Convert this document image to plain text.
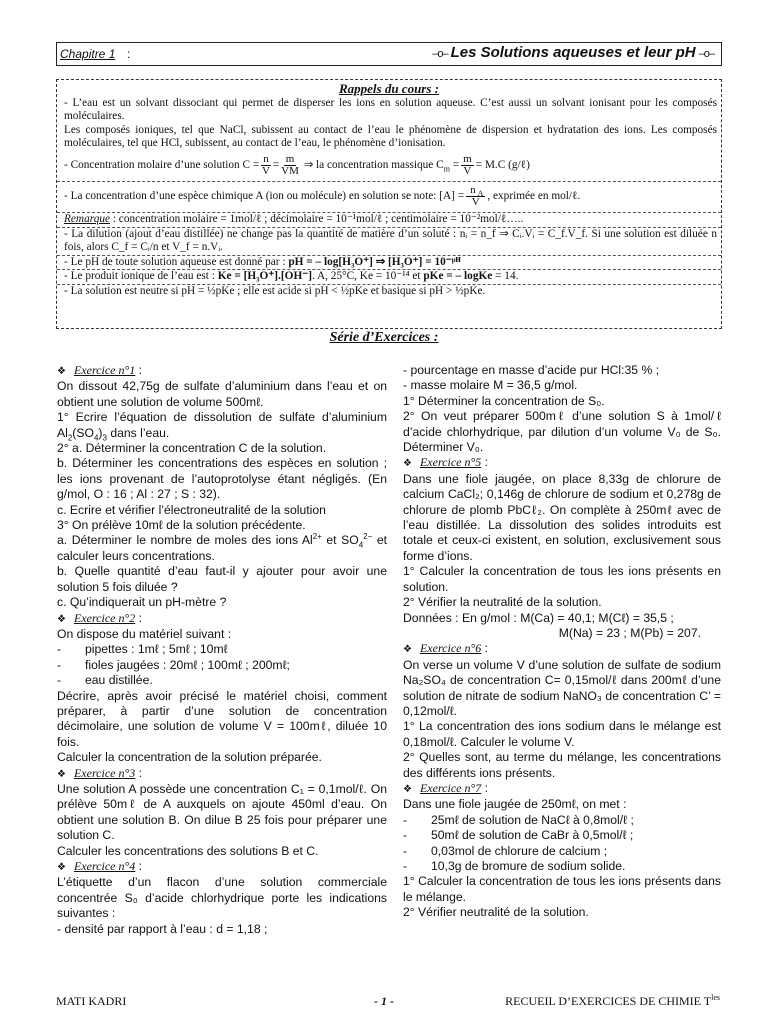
Chapitre 1 :	–o– Les Solutions aqueuses et leur pH –o–
Rappels du cours :
- L’eau est un solvant dissociant qui permet de disperser les ions en solution aqueuse. C’est aussi un solvant ionisant pour les composés moléculaires.
Les composés ioniques, tel que NaCl, subissent au contact de l’eau le phénomène de dispersion et hydratation des ions. Les composés moléculaires, tel que HCl, subissent, au contact de l’eau, le phénomène d’ionisation.
- Concentration molaire d’une solution
$C = \frac{n}{V} = \frac{m}{VM}$
⇒
la concentration massique
$C_m$
= $\frac{m}{V} = M.C$ (g/ℓ)
- La concentration d’une espèce chimique A (ion ou molécule) en solution se note: $[A] = \frac{n _A}{V}$ , exprimée en mol/ℓ.
Remarque : concentration molaire = 1mol/ℓ ; décimolaire = 10⁻¹mol/ℓ ; centimolaire = 10⁻²mol/ℓ…..
- La dilution (ajout d’eau distillée) ne change pas la quantité de matière d’un soluté : nᵢ = n_f ⇒ Cᵢ.Vᵢ = C_f.V_f. Si une solution est diluée n fois, alors C_f = Cᵢ/n et V_f = n.Vᵢ.
- Le pH de toute solution aqueuse est donné par : pH = – log[H₃O⁺] ⇒ [H₃O⁺] = 10⁻ᵖᴴ
- Le produit ionique de l’eau est : Ke = [H₃O⁺].[OH⁻]. A, 25°C, Ke = 10⁻¹⁴ et pKe = – logKe = 14.
- La solution est neutre si pH = ½pKe ; elle est acide si pH < ½pKe et basique si pH > ½pKe.
Série d’Exercices :
❖ Exercice n°1 :
On dissout 42,75g de sulfate d’aluminium dans l’eau et on obtient une solution de volume 500mℓ.
1° Ecrire l’équation de dissolution de sulfate d’aluminium $Al_2(SO_4)_3$ dans l’eau.
2° a. Déterminer la concentration C de la solution.
b. Déterminer les concentrations des espèces en solution ; les ions provenant de l’autoprotolyse étant négligés. (En g/mol, O : 16 ; Al : 27 ; S : 32).
c. Ecrire et vérifier l’électroneutralité de la solution
3° On prélève 10mℓ de la solution précédente.
a. Déterminer le nombre de moles des ions $Al^{2+}$ et $SO_4^{2-}$ et calculer leurs concentrations.
b. Quelle quantité d’eau faut-il y ajouter pour avoir une solution 5 fois diluée ?
c. Qu’indiquerait un pH-mètre ?
❖ Exercice n°2 :
On dispose du matériel suivant :
-	pipettes : 1mℓ ; 5mℓ ; 10mℓ
-	fioles jaugées : 20mℓ ; 100mℓ ; 200mℓ;
-	eau distillée.
Décrire, après avoir précisé le matériel choisi, comment préparer, à partir d’une solution de concentration décimolaire, une solution de volume V = 100mℓ, diluée 10 fois.
Calculer la concentration de la solution préparée.
❖ Exercice n°3 :
Une solution A possède une concentration C₁ = 0,1mol/ℓ. On prélève 50mℓ de A auxquels on ajoute 450ml d’eau. On obtient une solution B. On dilue B 25 fois pour préparer une solution C.
Calculer les concentrations des solutions B et C.
❖ Exercice n°4 :
L’étiquette d’un flacon d’une solution commerciale concentrée S₀ d’acide chlorhydrique porte les indications suivantes :
- densité par rapport à l’eau : d = 1,18 ;
- pourcentage en masse d’acide pur HCl:35 % ;
- masse molaire M = 36,5 g/mol.
1° Déterminer la concentration de S₀.
2° On veut préparer 500mℓ d’une solution S à 1mol/ℓ d’acide chlorhydrique, par dilution d’un volume V₀ de S₀. Déterminer V₀.
❖ Exercice n°5 :
Dans une fiole jaugée, on place 8,33g de chlorure de calcium CaCl₂; 0,146g de chlorure de sodium et 0,278g de chlorure de plomb PbCℓ₂. On complète à 250mℓ avec de l’eau distillée. La dissolution des solides introduits est totale et ceux-ci existent, en solution, exclusivement sous forme d’ions.
1° Calculer la concentration de tous les ions présents en solution.
2° Vérifier la neutralité de la solution.
Données : En g/mol : M(Ca) = 40,1; M(Cℓ) = 35,5 ;
M(Na) = 23 ; M(Pb) = 207.
❖ Exercice n°6 :
On verse un volume V d’une solution de sulfate de sodium Na₂SO₄ de concentration C= 0,15mol/ℓ dans 200mℓ d’une solution de nitrate de sodium NaNO₃ de concentration C’ = 0,12mol/ℓ.
1° La concentration des ions sodium dans le mélange est 0,18mol/ℓ. Calculer le volume V.
2° Quelles sont, au terme du mélange, les concentrations des différents ions présents.
❖ Exercice n°7 :
Dans une fiole jaugée de 250mℓ, on met :
-	25mℓ de solution de NaCℓ à 0,8mol/ℓ ;
-	50mℓ de solution de CaBr à 0,5mol/ℓ ;
-	0,03mol de chlorure de calcium ;
-	10,3g de bromure de sodium solide.
1° Calculer la concentration de tous les ions présents dans le mélange.
2° Vérifier neutralité de la solution.
MATI KADRI	- 1 -	RECUEIL D’EXERCICES DE CHIMIE $T^{les}$
